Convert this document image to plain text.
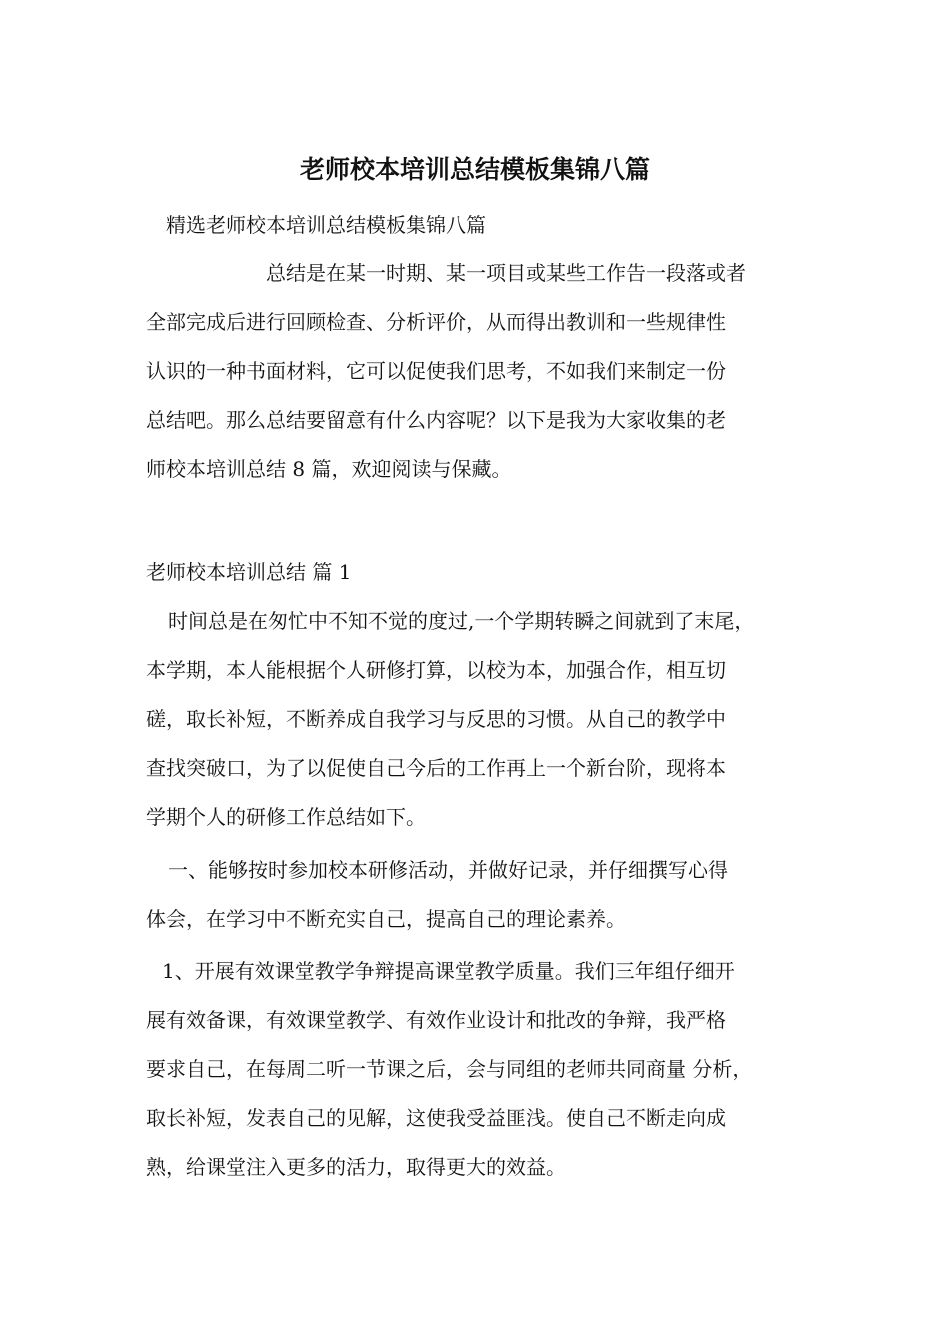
老师校本培训总结模板集锦八篇
精选老师校本培训总结模板集锦八篇
总结是在某一时期、某一项目或某些工作告一段落或者
全部完成后进行回顾检查、分析评价，从而得出教训和一些规律性
认识的一种书面材料，它可以促使我们思考，不如我们来制定一份
总结吧。那么总结要留意有什么内容呢？以下是我为大家收集的老
师校本培训总结 8 篇，欢迎阅读与保藏。
老师校本培训总结 篇 1
时间总是在匆忙中不知不觉的度过,一个学期转瞬之间就到了末尾，
本学期，本人能根据个人研修打算，以校为本，加强合作，相互切
磋，取长补短，不断养成自我学习与反思的习惯。从自己的教学中
查找突破口，为了以促使自己今后的工作再上一个新台阶，现将本
学期个人的研修工作总结如下。
一、能够按时参加校本研修活动，并做好记录，并仔细撰写心得
体会，在学习中不断充实自己，提高自己的理论素养。
1、开展有效课堂教学争辩提高课堂教学质量。我们三年组仔细开
展有效备课，有效课堂教学、有效作业设计和批改的争辩，我严格
要求自己，在每周二听一节课之后，会与同组的老师共同商量 分析，
取长补短，发表自己的见解，这使我受益匪浅。使自己不断走向成
熟，给课堂注入更多的活力，取得更大的效益。
